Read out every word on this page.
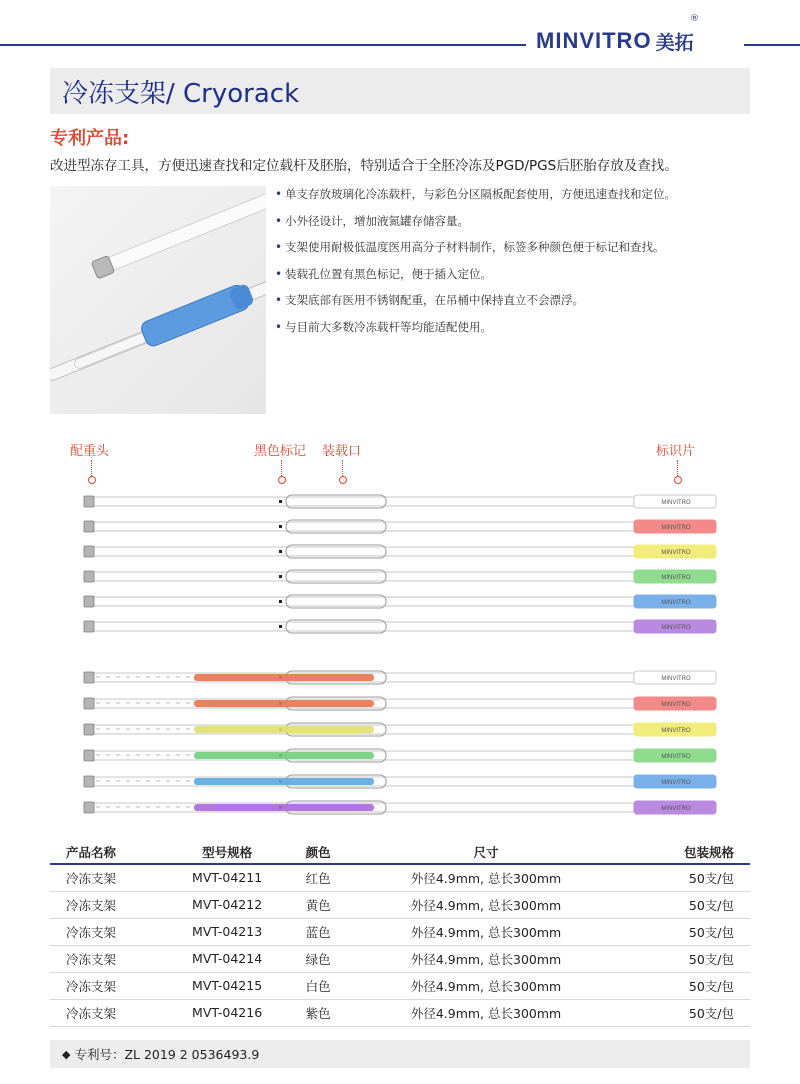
MINVITRO 美拓
®
冷冻支架/ Cryorack
专利产品:
改进型冻存工具，方便迅速查找和定位载杆及胚胎，特别适合于全胚冷冻及PGD/PGS后胚胎存放及查找。
• 单支存放玻璃化冷冻载杆，与彩色分区隔板配套使用，方便迅速查找和定位。
• 小外径设计，增加液氮罐存储容量。
• 支架使用耐极低温度医用高分子材料制作，标签多种颜色便于标记和查找。
• 装载孔位置有黑色标记，便于插入定位。
• 支架底部有医用不锈钢配重，在吊桶中保持直立不会漂浮。
• 与目前大多数冷冻载杆等均能适配使用。
配重头	黑色标记 装载口	标识片
MINVITRO
MINVITRO
MINVITRO
MINVITRO
MINVITRO
MINVITRO
MINVITRO
MINVITRO
MINVITRO
MINVITRO
MINVITRO
MINVITRO
产品名称	型号规格	颜色	尺寸	包装规格
冷冻支架	MVT-04211	红色	外径4.9mm, 总长300mm	50支/包
冷冻支架	MVT-04212	黄色	外径4.9mm, 总长300mm	50支/包
冷冻支架	MVT-04213	蓝色	外径4.9mm, 总长300mm	50支/包
冷冻支架	MVT-04214	绿色	外径4.9mm, 总长300mm	50支/包
冷冻支架	MVT-04215	白色	外径4.9mm, 总长300mm	50支/包
冷冻支架	MVT-04216	紫色	外径4.9mm, 总长300mm	50支/包
◆ 专利号：ZL 2019 2 0536493.9
